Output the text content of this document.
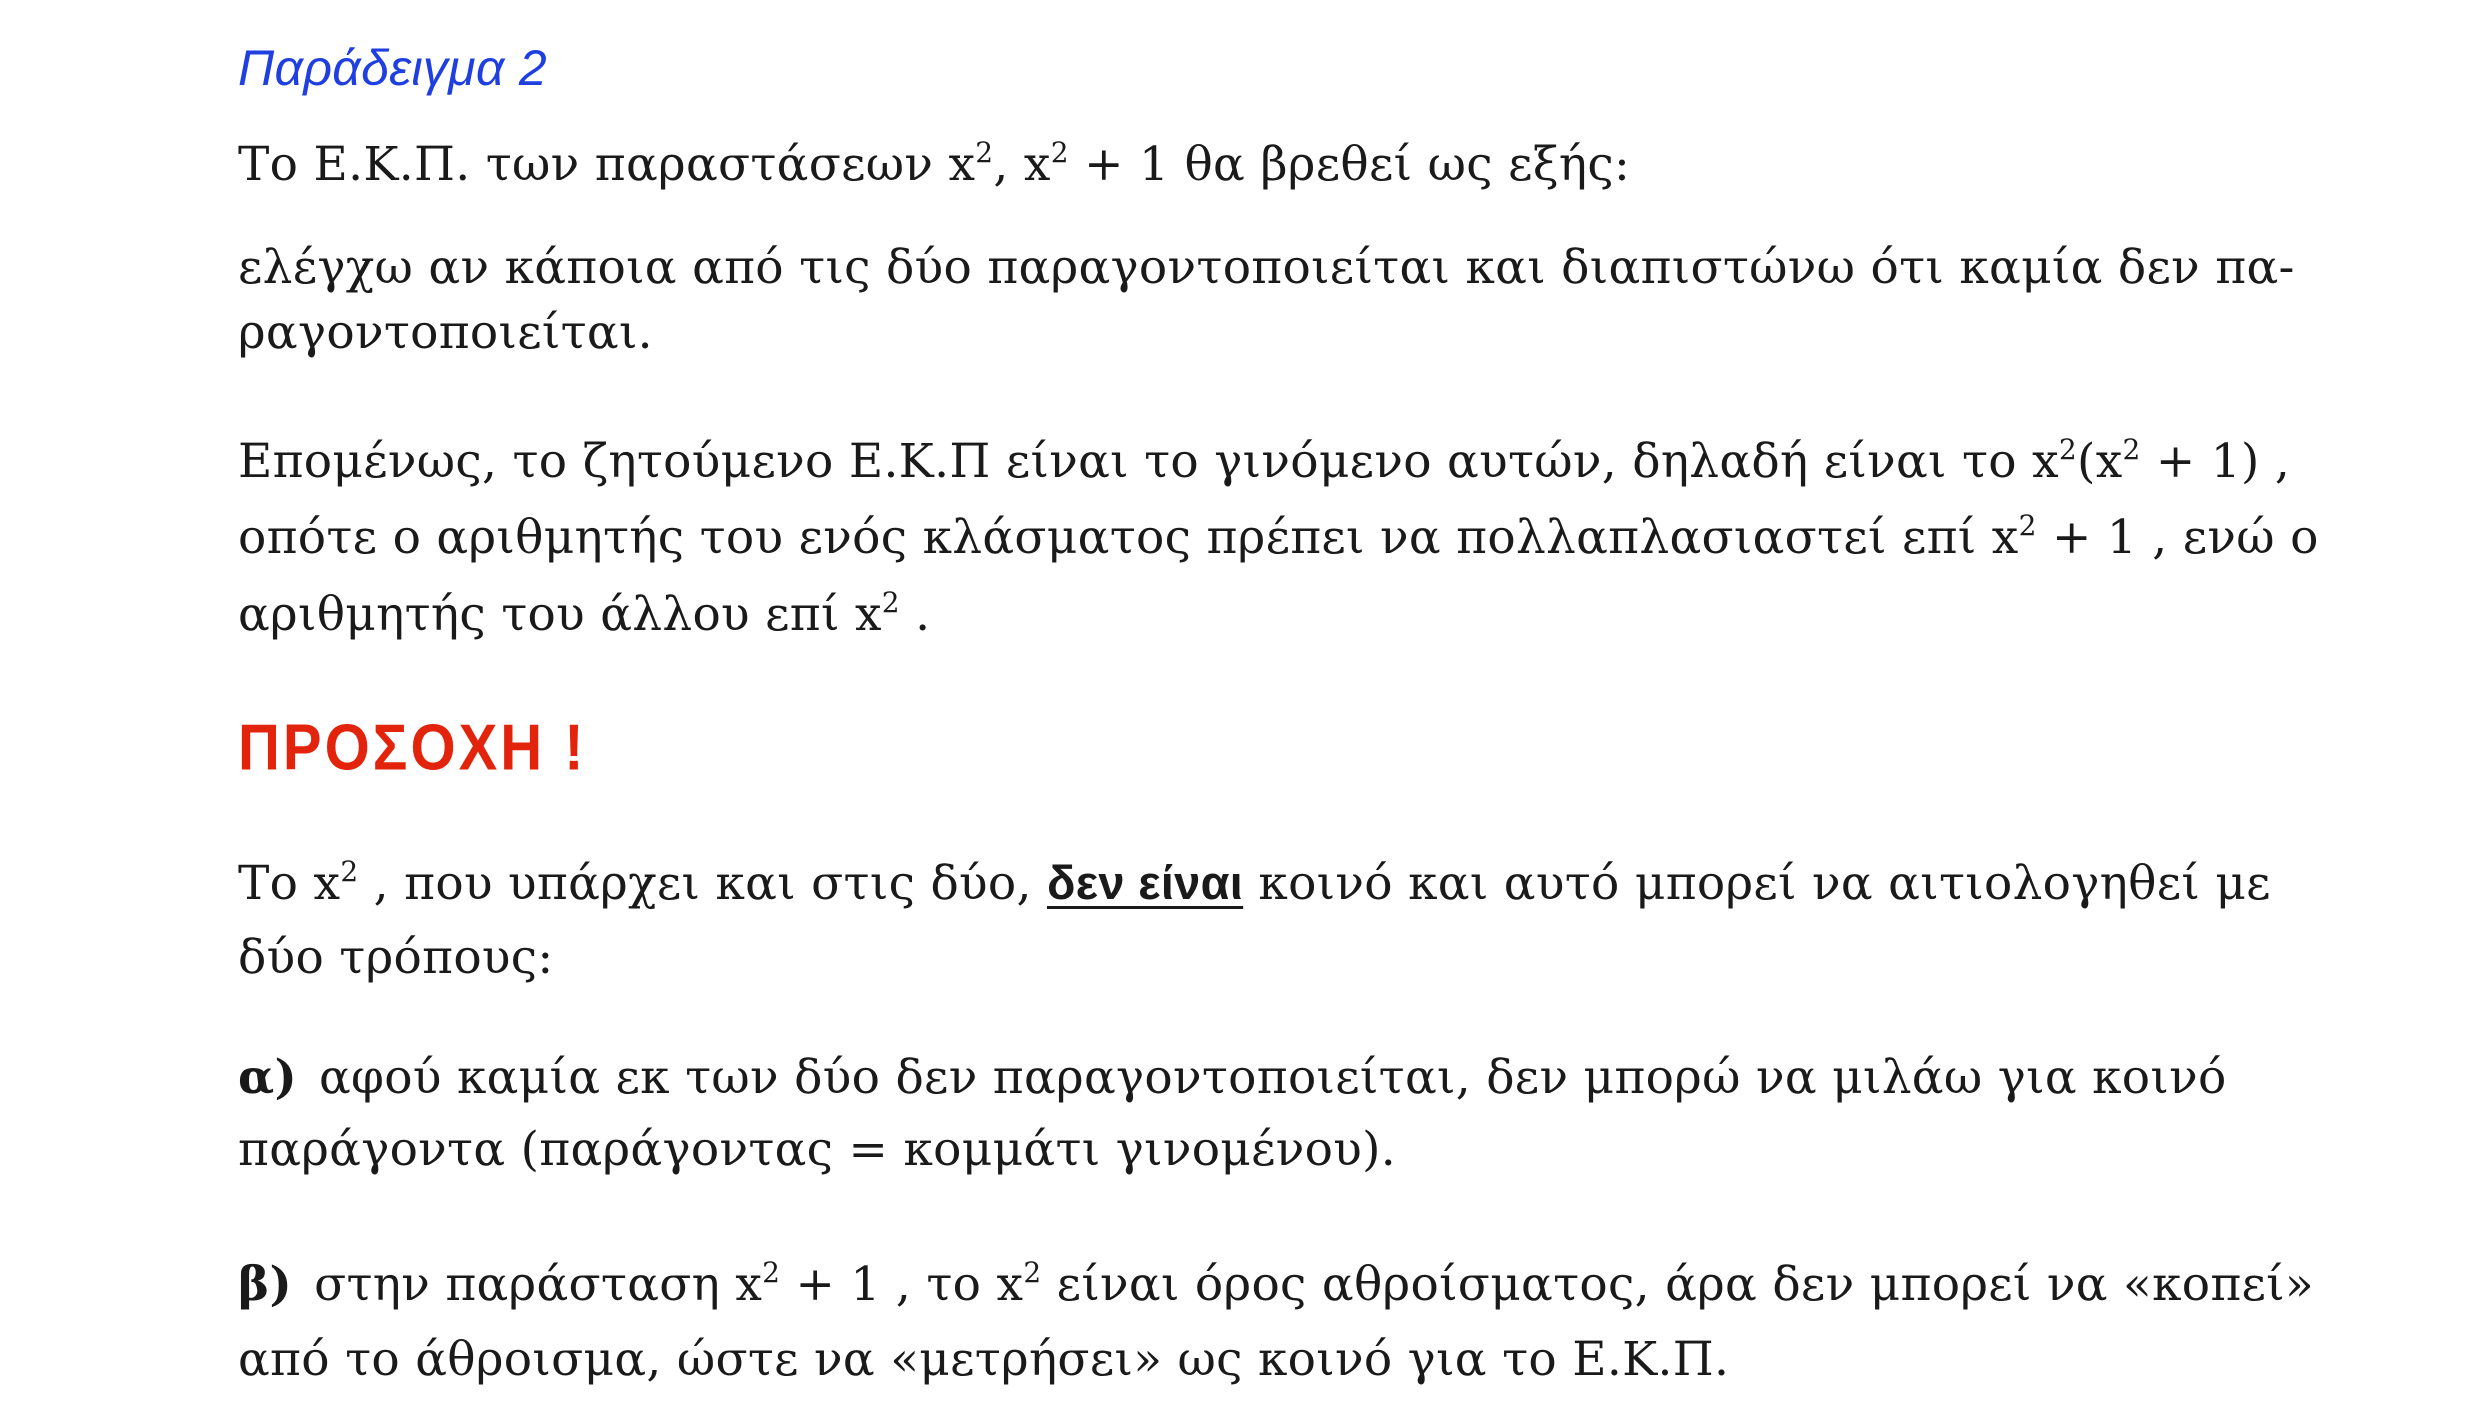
Παράδειγμα 2
Το Ε.Κ.Π. των παραστάσεων $x^2$, $x^2 + 1$ θα βρεθεί ως εξής:
ελέγχω αν κάποια από τις δύο παραγοντοποιείται και διαπιστώνω ότι καμία δεν πα-
ραγοντοποιείται.
Επομένως, το ζητούμενο Ε.Κ.Π είναι το γινόμενο αυτών, δηλαδή είναι το $x^2(x^2 + 1)$ ,
οπότε ο αριθμητής του ενός κλάσματος πρέπει να πολλαπλασιαστεί επί $x^2 + 1$ , ενώ ο
αριθμητής του άλλου επί $x^2$ .
ΠΡΟΣΟΧΗ !
Το $x^2$ , που υπάρχει και στις δύο, δεν είναι κοινό και αυτό μπορεί να αιτιολογηθεί με
δύο τρόπους:
α) αφού καμία εκ των δύο δεν παραγοντοποιείται, δεν μπορώ να μιλάω για κοινό
παράγοντα (παράγοντας = κομμάτι γινομένου).
β) στην παράσταση $x^2 + 1$ , το $x^2$ είναι όρος αθροίσματος, άρα δεν μπορεί να «κοπεί»
από το άθροισμα, ώστε να «μετρήσει» ως κοινό για το Ε.Κ.Π.
